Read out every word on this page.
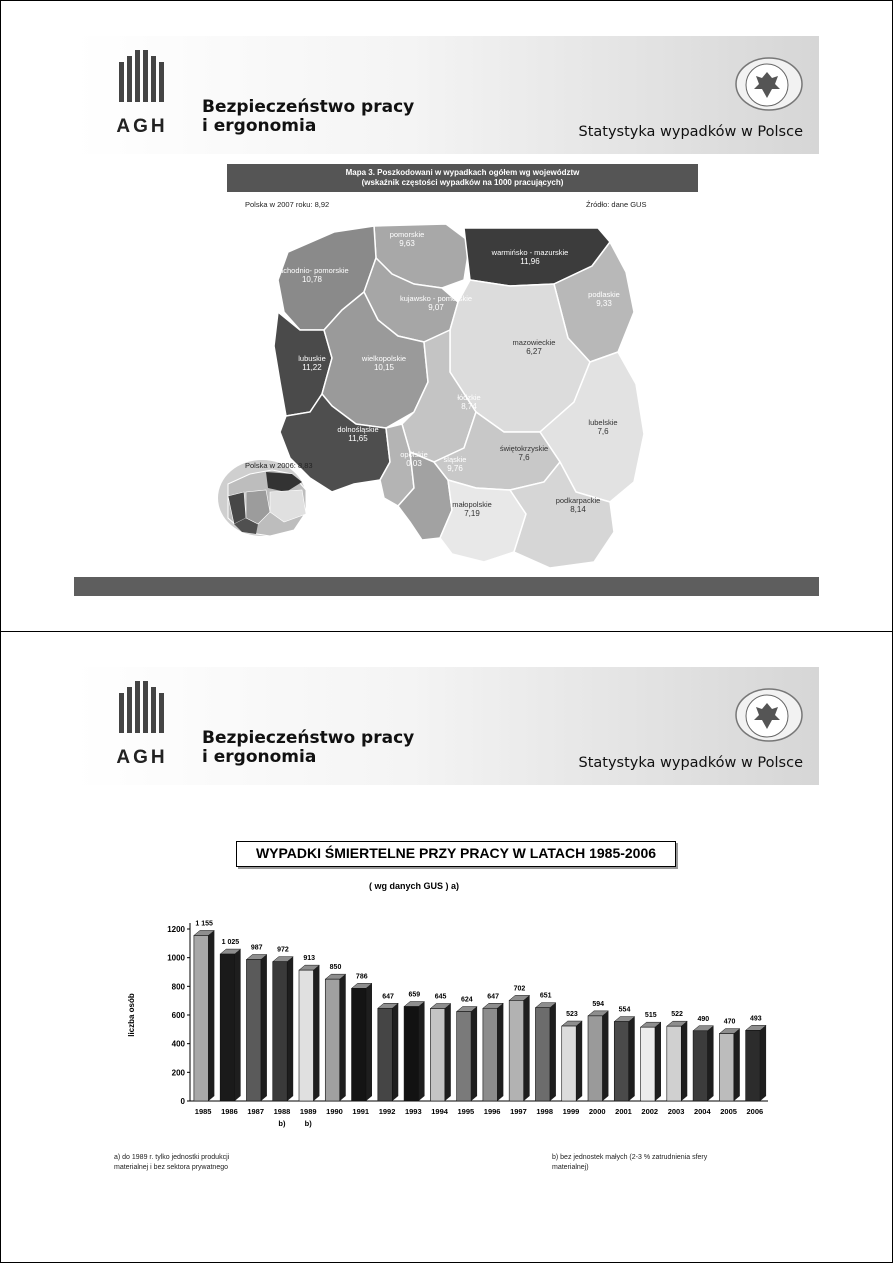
AGH
Bezpieczeństwo pracy
i ergonomia	Statystyka wypadków w Polsce
Mapa 3. Poszkodowani w wypadkach ogółem wg województw
(wskaźnik częstości wypadków na 1000 pracujących)
Polska w 2007 roku: 8,92	Źródło: dane GUS
Polska w 2006: 8,83
pomorskie
9,63
warmińsko - mazurskie
11,96
zachodnio- pomorskie
10,78
kujawsko - pomorskie
9,07
podlaskie
9,33
mazowieckie
6,27
lubuskie
11,22
wielkopolskie
10,15
łódzkie
8,74
lubelskie
7,6
dolnośląskie
11,65
opolskie
0,03	śląskie
9,76
świętokrzyskie
7,6
małopolskie
7,19
podkarpackie
8,14
AGH
Bezpieczeństwo pracy
i ergonomia	Statystyka wypadków w Polsce
WYPADKI ŚMIERTELNE PRZY PRACY W LATACH 1985-2006
( wg danych GUS ) a)
liczba osób
0
200
400
600
800
1000
1200
1 155
1985
1 025
1986
987
1987
972
1988
b)
913
1989
b)
850
1990
786
1991
647
1992
659
1993
645
1994
624
1995
647
1996
702
1997
651
1998
523
1999
594
2000
554
2001
515
2002
522
2003
490
2004
470
2005
493
2006
a) do 1989 r. tylko jednostki produkcji
materialnej i bez sektora prywatnego
b) bez jednostek małych (2-3 % zatrudnienia sfery
materialnej)
